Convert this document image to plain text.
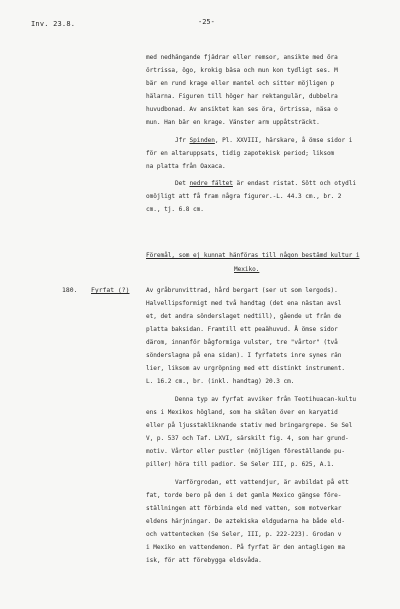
Inv. 23.8.	-25-
med nedhängande fjädrar eller remsor, ansikte med öra
örtrissa, ögo, krokig bäsa och mun kon tydligt ses. M
bär en rund krage eller mantel och sitter möjligen p
hälarna. Figuren till höger har rektangulär, dubbelra
huvudbonad. Av ansiktet kan ses öra, örtrissa, näsa o
mun. Han bär en krage. Vänster arm uppåtsträckt.
Jfr Spinden, Pl. XXVIII, härskare, å ömse sidor i
för en altaruppsats, tidig zapotekisk period; liksom
na platta från Oaxaca.
Det nedre fältet är endast ristat. Sött och otydli
omöjligt att få fram några figurer.-L. 44.3 cm., br. 2
cm., tj. 6.8 cm.
Föremål, som ej kunnat hänföras till någon bestämd kultur i
Mexiko.
180. Fyrfat (?)	Av gråbrunvittrad, hård bergart (ser ut som lergods).
Halvellipsformigt med två handtag (det ena nästan avsl
et, det andra sönderslaget nedtill), gående ut från de
platta baksidan. Framtill ett peaähuvud. Å ömse sidor
därom, innanför bågformiga vulster, tre "vårtor" (två
sönderslagna på ena sidan). I fyrfatets inre synes rän
lier, liksom av urgröpning med ett distinkt instrument.
L. 16.2 cm., br. (inkl. handtag) 20.3 cm.
Denna typ av fyrfat avviker från Teotihuacan-kultu
ens i Mexikos högland, som ha skålen över en karyatid
eller på ljusstakliknande stativ med bringargrepe. Se Sel
V, p. 537 och Taf. LXVI, särskilt fig. 4, som har grund-
motiv. Vårtor eller pustler (möjligen föreställande pu-
piller) höra till padior. Se Seler III, p. 625, A.1.
Varförgrodan, ett vattendjur, är avbildat på ett
fat, torde bero på den i det gamla Mexico gängse före-
ställningen att förbinda eld med vatten, som motverkar
eldens härjningar. De aztekiska eldgudarna ha både eld-
och vattentecken (Se Seler, III, p. 222-223). Grodan v
i Mexiko en vattendemon. På fyrfat är den antagligen ma
isk, för att förebygga eldsvåda.
